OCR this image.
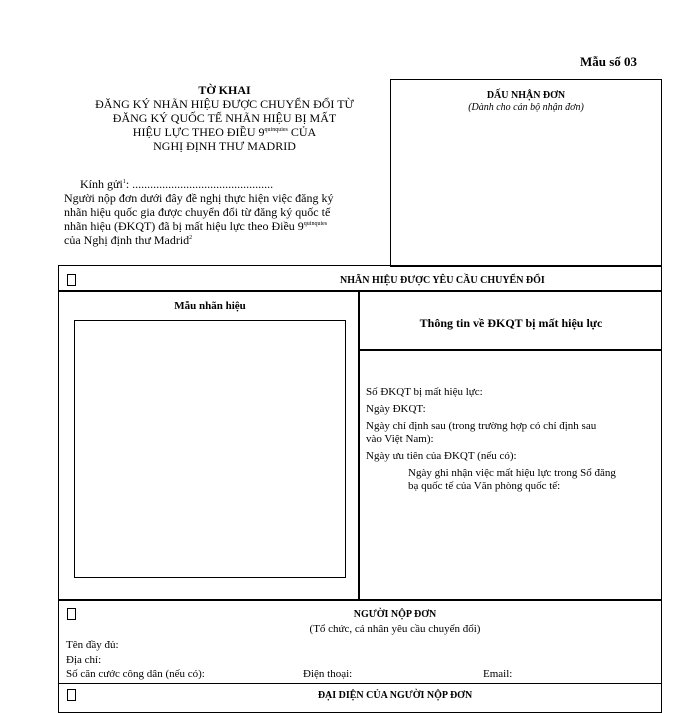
Mẫu số 03
TỜ KHAI
ĐĂNG KÝ NHÃN HIỆU ĐƯỢC CHUYỂN ĐỔI TỪ
ĐĂNG KÝ QUỐC TẾ NHÃN HIỆU BỊ MẤT
HIỆU LỰC THEO ĐIỀU $9^{quinquies}$ CỦA
NGHỊ ĐỊNH THƯ MADRID
DẤU NHẬN ĐƠN
(Dành cho cán bộ nhận đơn)
Kính gửi$^1$: ...............................................
Người nộp đơn dưới đây đề nghị thực hiện việc đăng ký
nhãn hiệu quốc gia được chuyển đổi từ đăng ký quốc tế
nhãn hiệu (ĐKQT) đã bị mất hiệu lực theo Điều $9^{quinquies}$
của Nghị định thư Madrid$^2$
NHÃN HIỆU ĐƯỢC YÊU CẦU CHUYỂN ĐỔI
Mẫu nhãn hiệu
Thông tin về ĐKQT bị mất hiệu lực
Số ĐKQT bị mất hiệu lực:
Ngày ĐKQT:
Ngày chỉ định sau (trong trường hợp có chỉ định sau
vào Việt Nam):
Ngày ưu tiên của ĐKQT (nếu có):
Ngày ghi nhận việc mất hiệu lực trong Sổ đăng
bạ quốc tế của Văn phòng quốc tế:
NGƯỜI NỘP ĐƠN
(Tổ chức, cá nhân yêu cầu chuyển đổi)
Tên đầy đủ:
Địa chỉ:
Số căn cước công dân (nếu có):	Điện thoại:	Email:
ĐẠI DIỆN CỦA NGƯỜI NỘP ĐƠN
